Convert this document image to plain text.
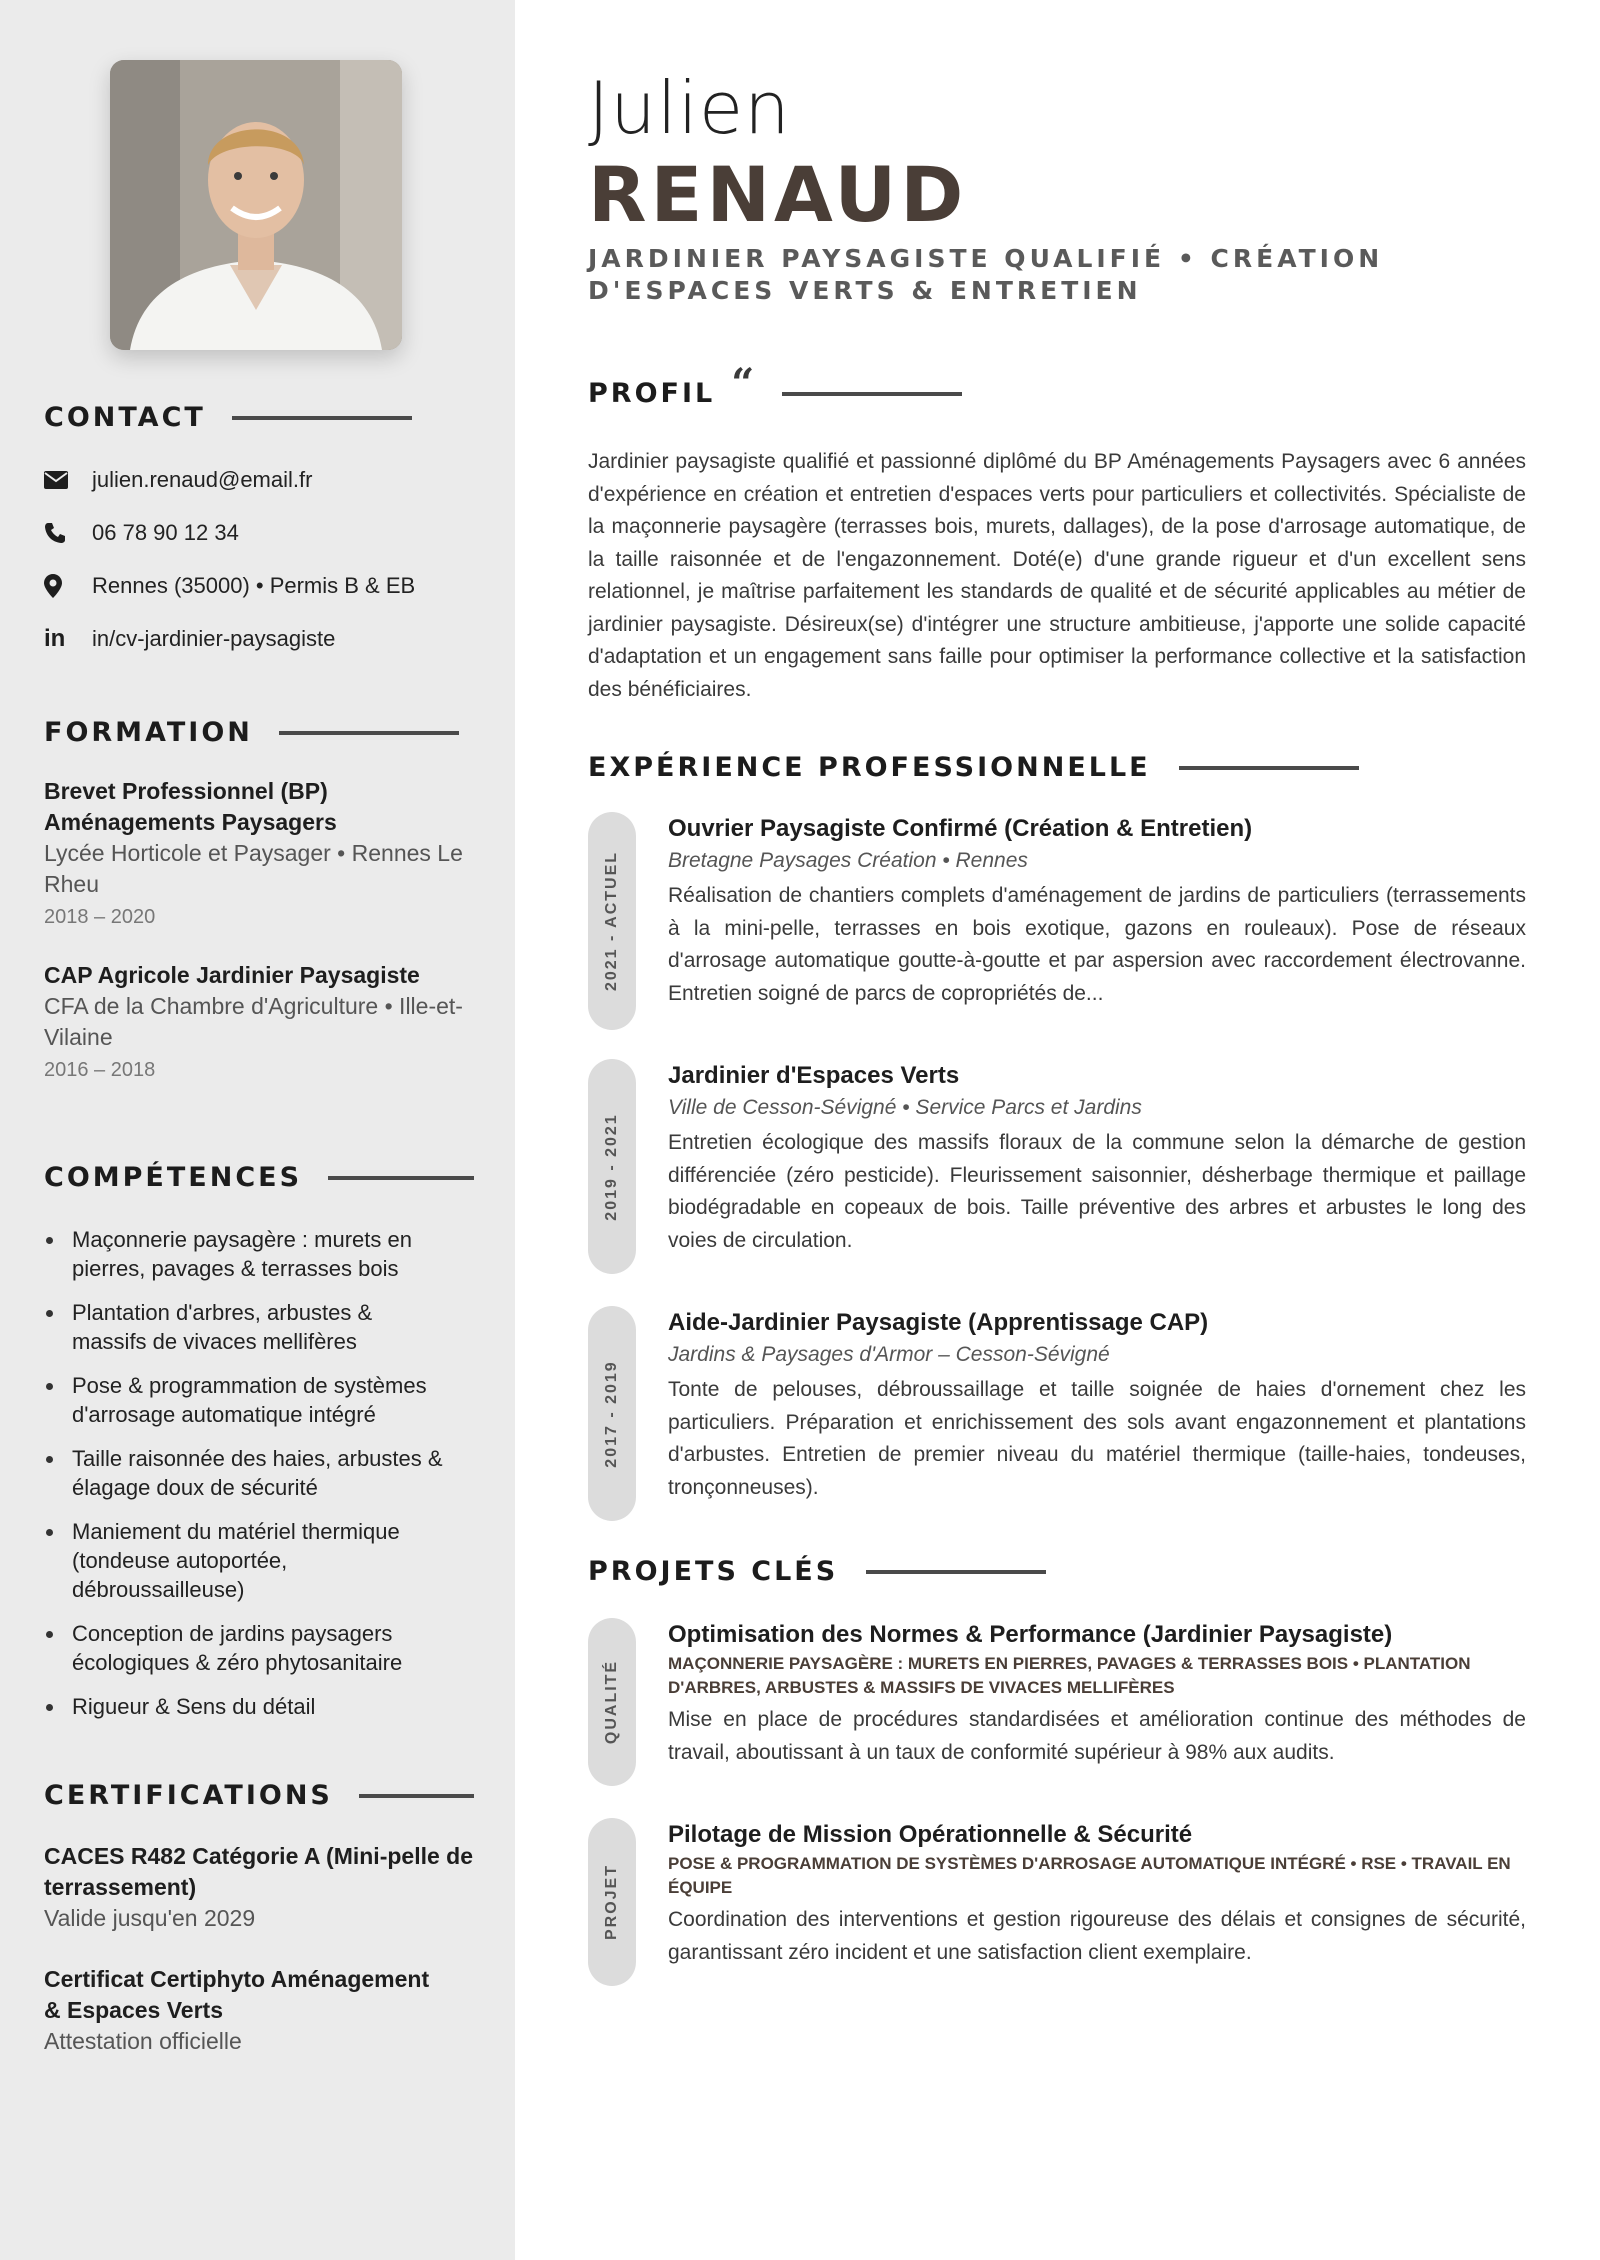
CONTACT
julien.renaud@email.fr
06 78 90 12 34
Rennes (35000) • Permis B & EB
in in/cv-jardinier-paysagiste
FORMATION
Brevet Professionnel (BP)
Aménagements Paysagers
Lycée Horticole et Paysager • Rennes Le
Rheu
2018 – 2020
CAP Agricole Jardinier Paysagiste
CFA de la Chambre d'Agriculture • Ille-et-
Vilaine
2016 – 2018
COMPÉTENCES
Maçonnerie paysagère : murets en
pierres, pavages & terrasses bois
Plantation d'arbres, arbustes &
massifs de vivaces mellifères
Pose & programmation de systèmes
d'arrosage automatique intégré
Taille raisonnée des haies, arbustes &
élagage doux de sécurité
Maniement du matériel thermique
(tondeuse autoportée,
débroussailleuse)
Conception de jardins paysagers
écologiques & zéro phytosanitaire
Rigueur & Sens du détail
CERTIFICATIONS
CACES R482 Catégorie A (Mini-pelle de
terrassement)
Valide jusqu'en 2029
Certificat Certiphyto Aménagement
& Espaces Verts
Attestation officielle
Julien
RENAUD
JARDINIER PAYSAGISTE QUALIFIÉ • CRÉATION
D'ESPACES VERTS & ENTRETIEN
PROFIL “

Jardinier paysagiste qualifié et passionné diplômé du BP Aménagements Paysagers avec 6 années d'expérience en création et entretien d'espaces verts pour particuliers et collectivités. Spécialiste de la maçonnerie paysagère (terrasses bois, murets, dallages), de la pose d'arrosage automatique, de la taille raisonnée et de l'engazonnement. Doté(e) d'une grande rigueur et d'un excellent sens relationnel, je maîtrise parfaitement les standards de qualité et de sécurité applicables au métier de jardinier paysagiste. Désireux(se) d'intégrer une structure ambitieuse, j'apporte une solide capacité d'adaptation et un engagement sans faille pour optimiser la performance collective et la satisfaction des bénéficiaires.

EXPÉRIENCE PROFESSIONNELLE
2021 - ACTUEL
Ouvrier Paysagiste Confirmé (Création & Entretien)
Bretagne Paysages Création • Rennes
Réalisation de chantiers complets d'aménagement de jardins de particuliers (terrassements à la mini-pelle, terrasses en bois exotique, gazons en rouleaux). Pose de réseaux d'arrosage automatique goutte-à-goutte et par aspersion avec raccordement électrovanne. Entretien soigné de parcs de copropriétés de...
2019 - 2021
Jardinier d'Espaces Verts
Ville de Cesson-Sévigné • Service Parcs et Jardins
Entretien écologique des massifs floraux de la commune selon la démarche de gestion différenciée (zéro pesticide). Fleurissement saisonnier, désherbage thermique et paillage biodégradable en copeaux de bois. Taille préventive des arbres et arbustes le long des voies de circulation.
2017 - 2019
Aide-Jardinier Paysagiste (Apprentissage CAP)
Jardins & Paysages d'Armor – Cesson-Sévigné
Tonte de pelouses, débroussaillage et taille soignée de haies d'ornement chez les particuliers. Préparation et enrichissement des sols avant engazonnement et plantations d'arbustes. Entretien de premier niveau du matériel thermique (taille-haies, tondeuses, tronçonneuses).
PROJETS CLÉS
QUALITÉ
Optimisation des Normes & Performance (Jardinier Paysagiste)
MAÇONNERIE PAYSAGÈRE : MURETS EN PIERRES, PAVAGES & TERRASSES BOIS • PLANTATION D'ARBRES, ARBUSTES & MASSIFS DE VIVACES MELLIFÈRES
Mise en place de procédures standardisées et amélioration continue des méthodes de travail, aboutissant à un taux de conformité supérieur à 98% aux audits.
PROJET
Pilotage de Mission Opérationnelle & Sécurité
POSE & PROGRAMMATION DE SYSTÈMES D'ARROSAGE AUTOMATIQUE INTÉGRÉ • RSE • TRAVAIL EN ÉQUIPE
Coordination des interventions et gestion rigoureuse des délais et consignes de sécurité, garantissant zéro incident et une satisfaction client exemplaire.
